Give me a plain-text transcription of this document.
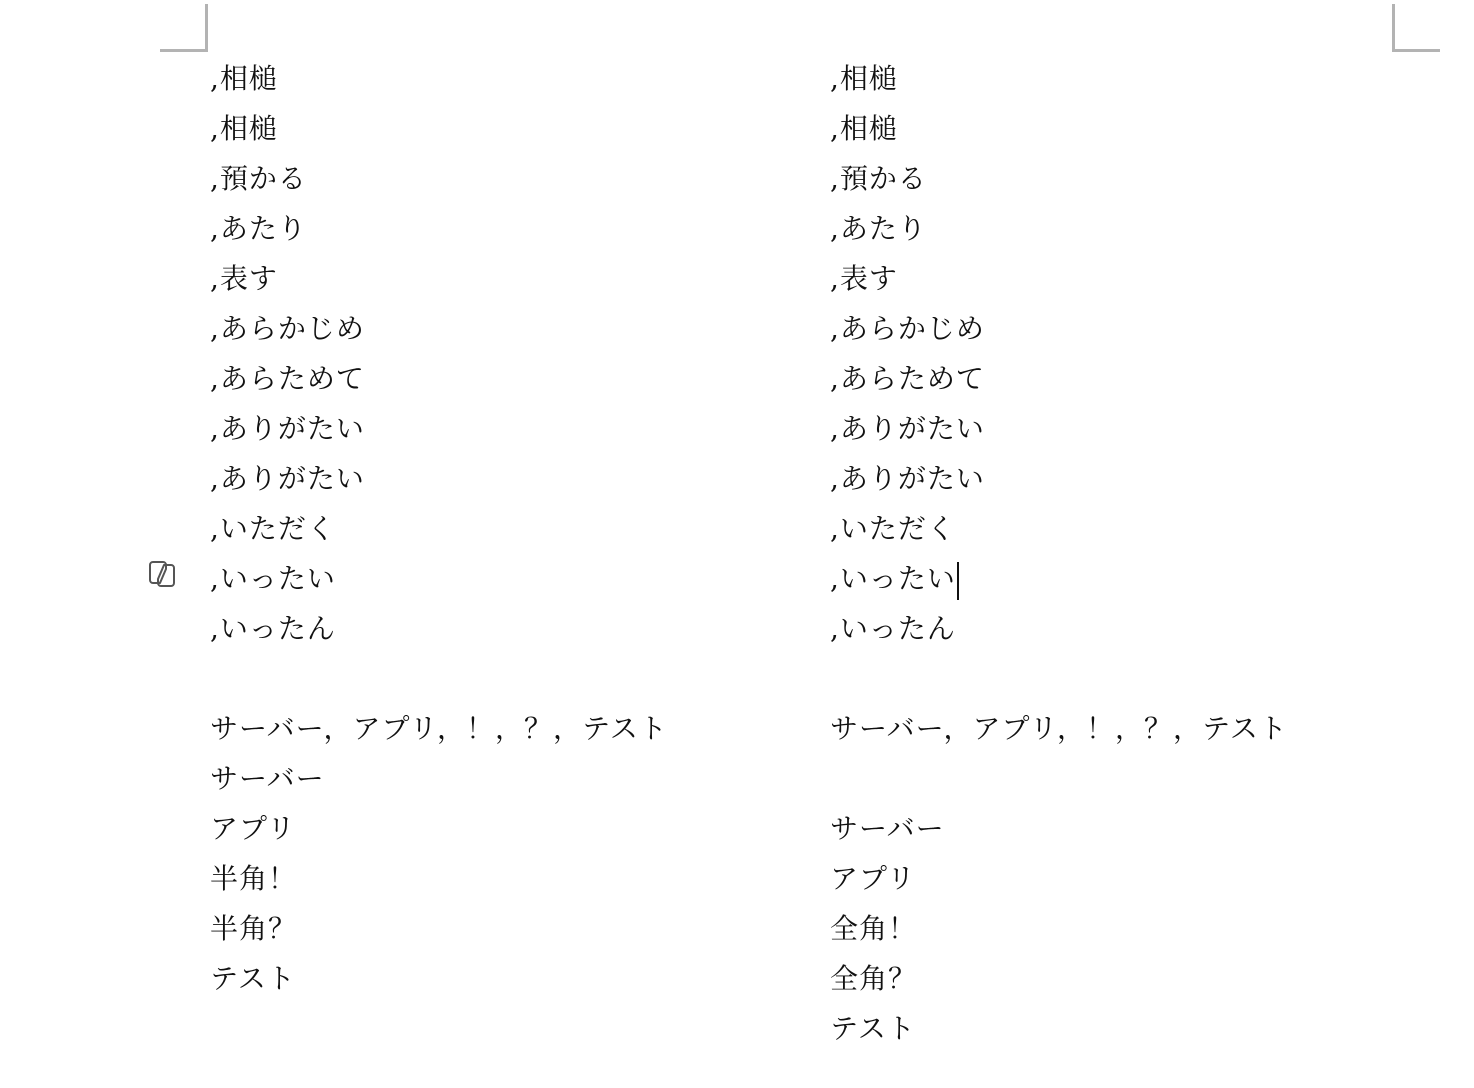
,相槌
,相槌
,預かる
,あたり
,表す
,あらかじめ
,あらためて
,ありがたい
,ありがたい
,いただく
,いったい
,いったん
サーバー，アプリ，！，？，テスト
サーバー
アプリ
半角！
半角？
テスト
,相槌
,相槌
,預かる
,あたり
,表す
,あらかじめ
,あらためて
,ありがたい
,ありがたい
,いただく
,いったい
,いったん
サーバー，アプリ，！，？，テスト
サーバー
アプリ
全角！
全角？
テスト
